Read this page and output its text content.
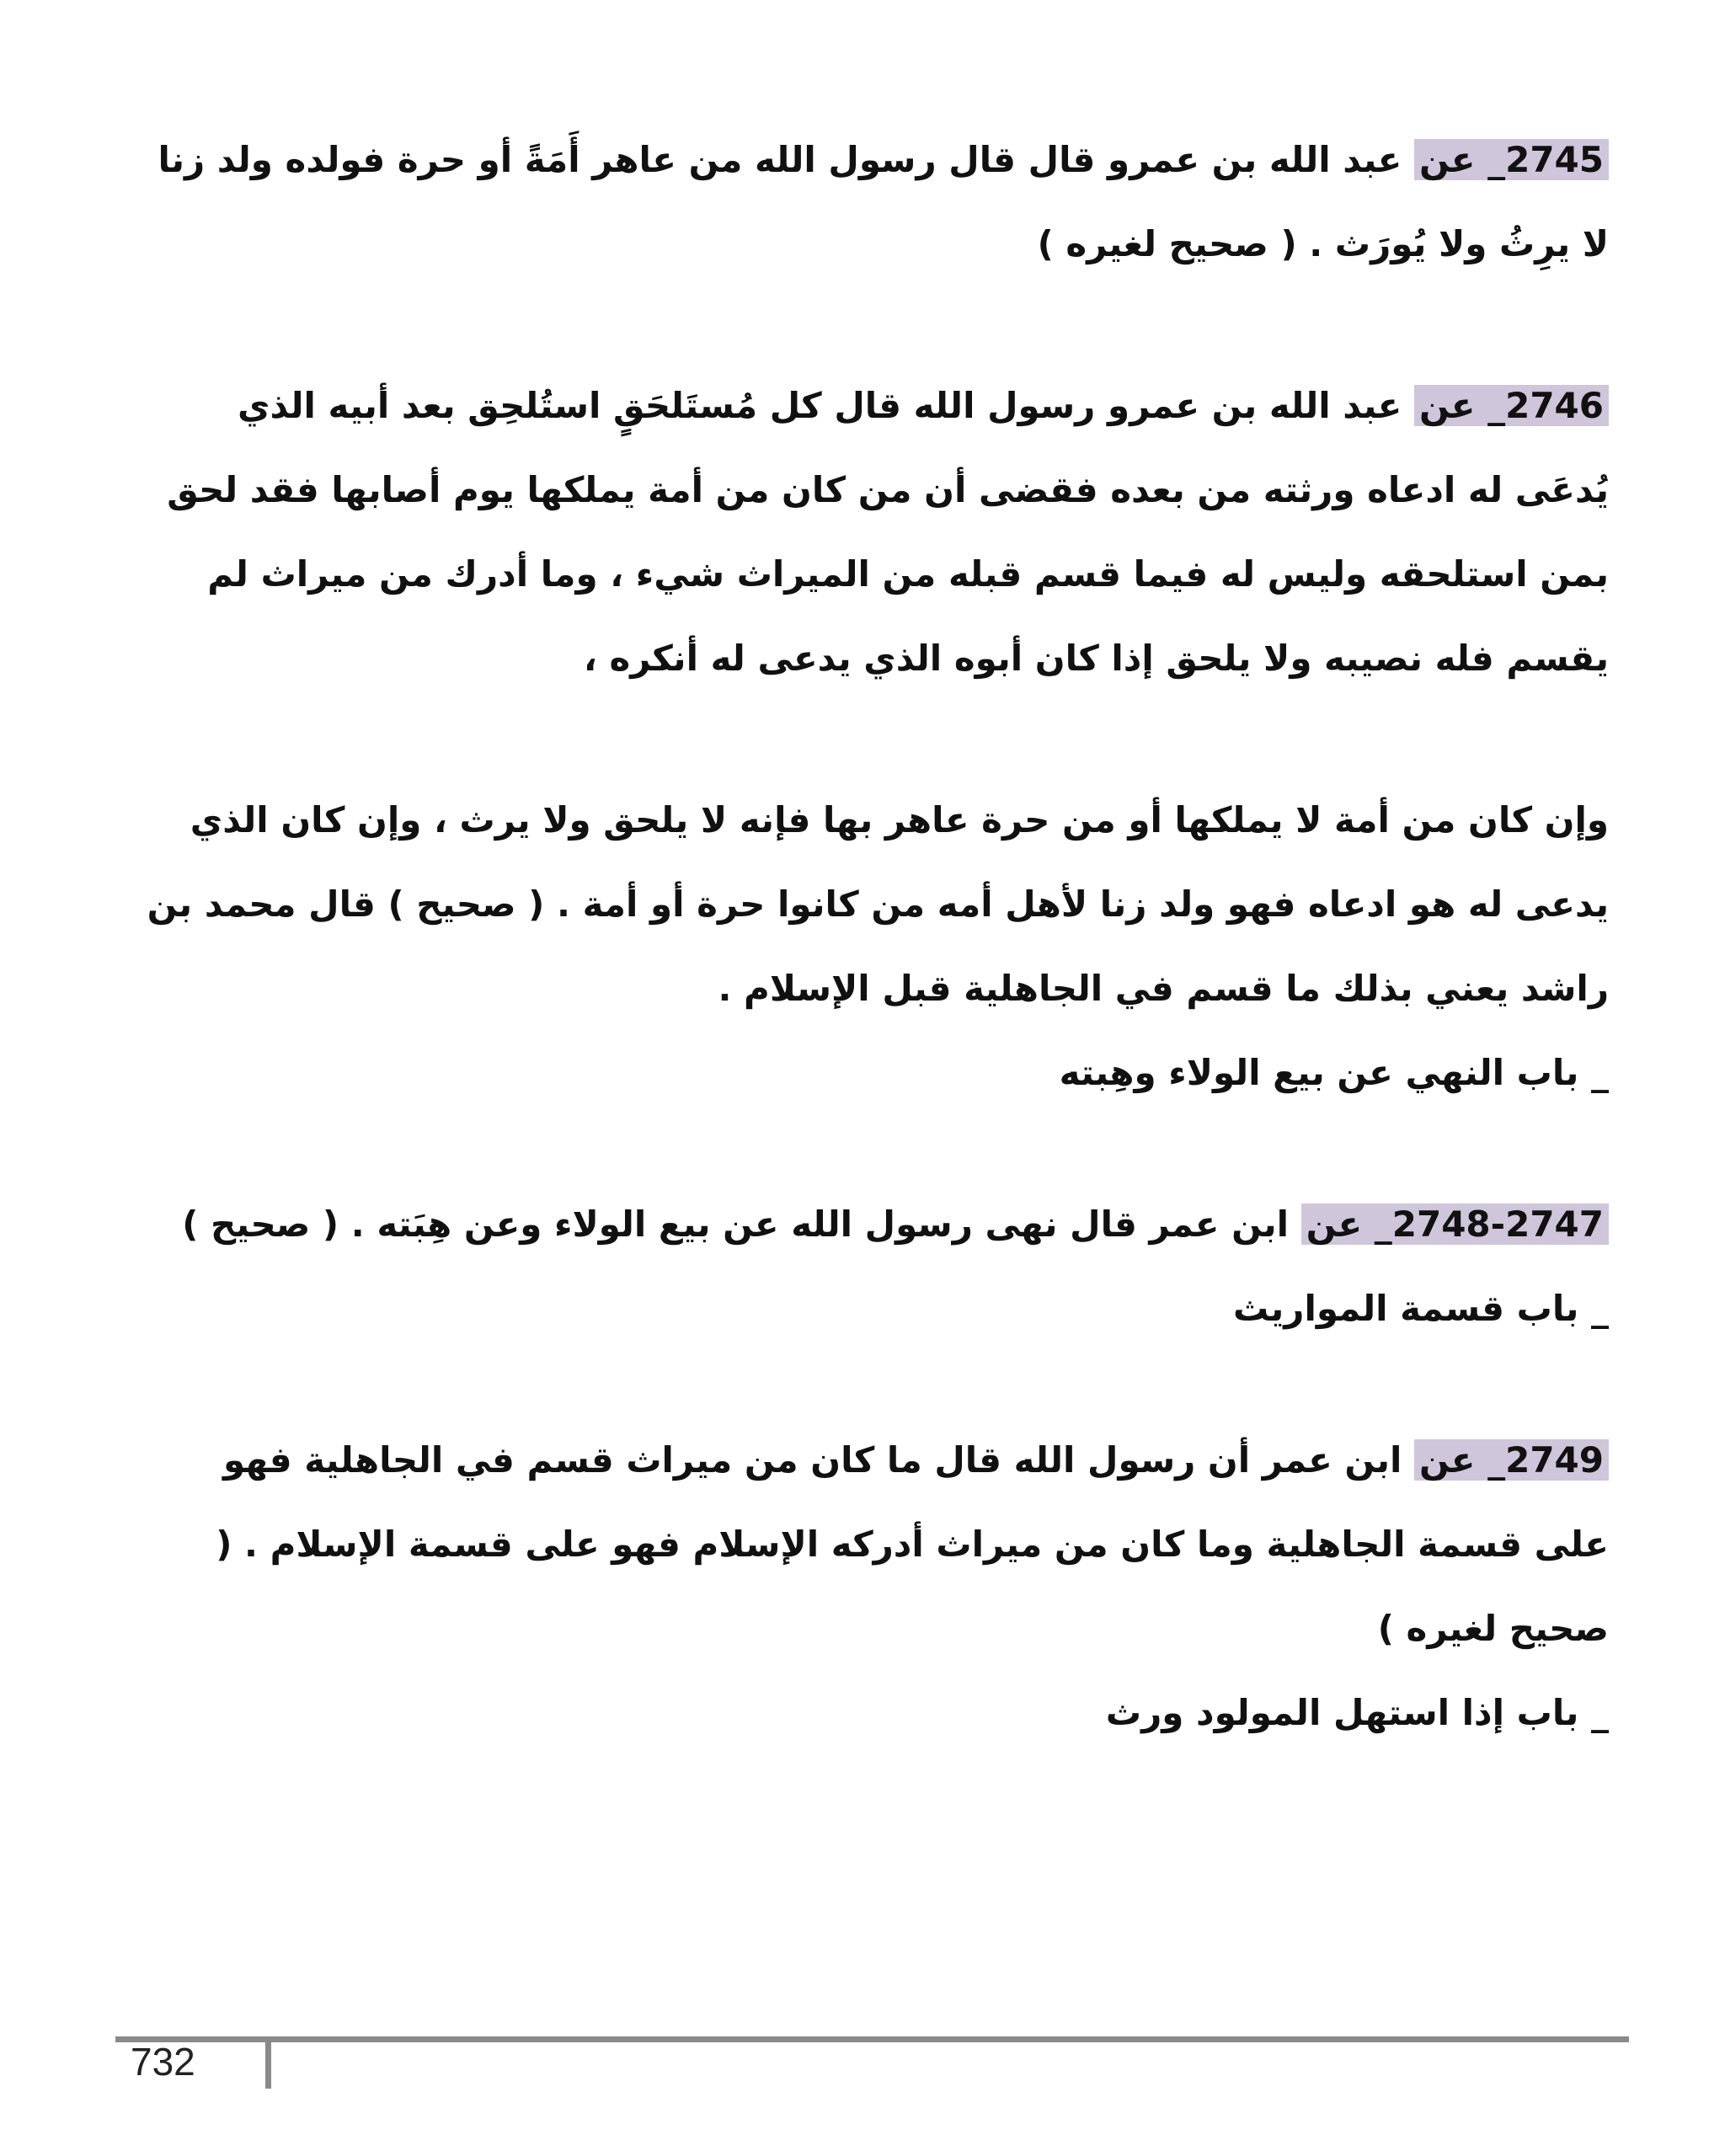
2745_ عن عبد الله بن عمرو قال قال رسول الله من عاهر أَمَةً أو حرة فولده ولد زنا لا يرِثُ ولا يُورَث . ( صحيح لغيره )

2746_ عن عبد الله بن عمرو رسول الله قال كل مُستَلحَقٍ استُلحِق بعد أبيه الذي يُدعَى له ادعاه ورثته من بعده فقضى أن من كان من أمة يملكها يوم أصابها فقد لحق بمن استلحقه وليس له فيما قسم قبله من الميراث شيء ، وما أدرك من ميراث لم يقسم فله نصيبه ولا يلحق إذا كان أبوه الذي يدعى له أنكره ،

وإن كان من أمة لا يملكها أو من حرة عاهر بها فإنه لا يلحق ولا يرث ، وإن كان الذي يدعى له هو ادعاه فهو ولد زنا لأهل أمه من كانوا حرة أو أمة . ( صحيح ) قال محمد بن راشد يعني بذلك ما قسم في الجاهلية قبل الإسلام .

_ باب النهي عن بيع الولاء وهِبته

2748-2747_ عن ابن عمر قال نهى رسول الله عن بيع الولاء وعن هِبَته . ( صحيح )

_ باب قسمة المواريث

2749_ عن ابن عمر أن رسول الله قال ما كان من ميراث قسم في الجاهلية فهو على قسمة الجاهلية وما كان من ميراث أدركه الإسلام فهو على قسمة الإسلام . ( صحيح لغيره )

_ باب إذا استهل المولود ورث

732
